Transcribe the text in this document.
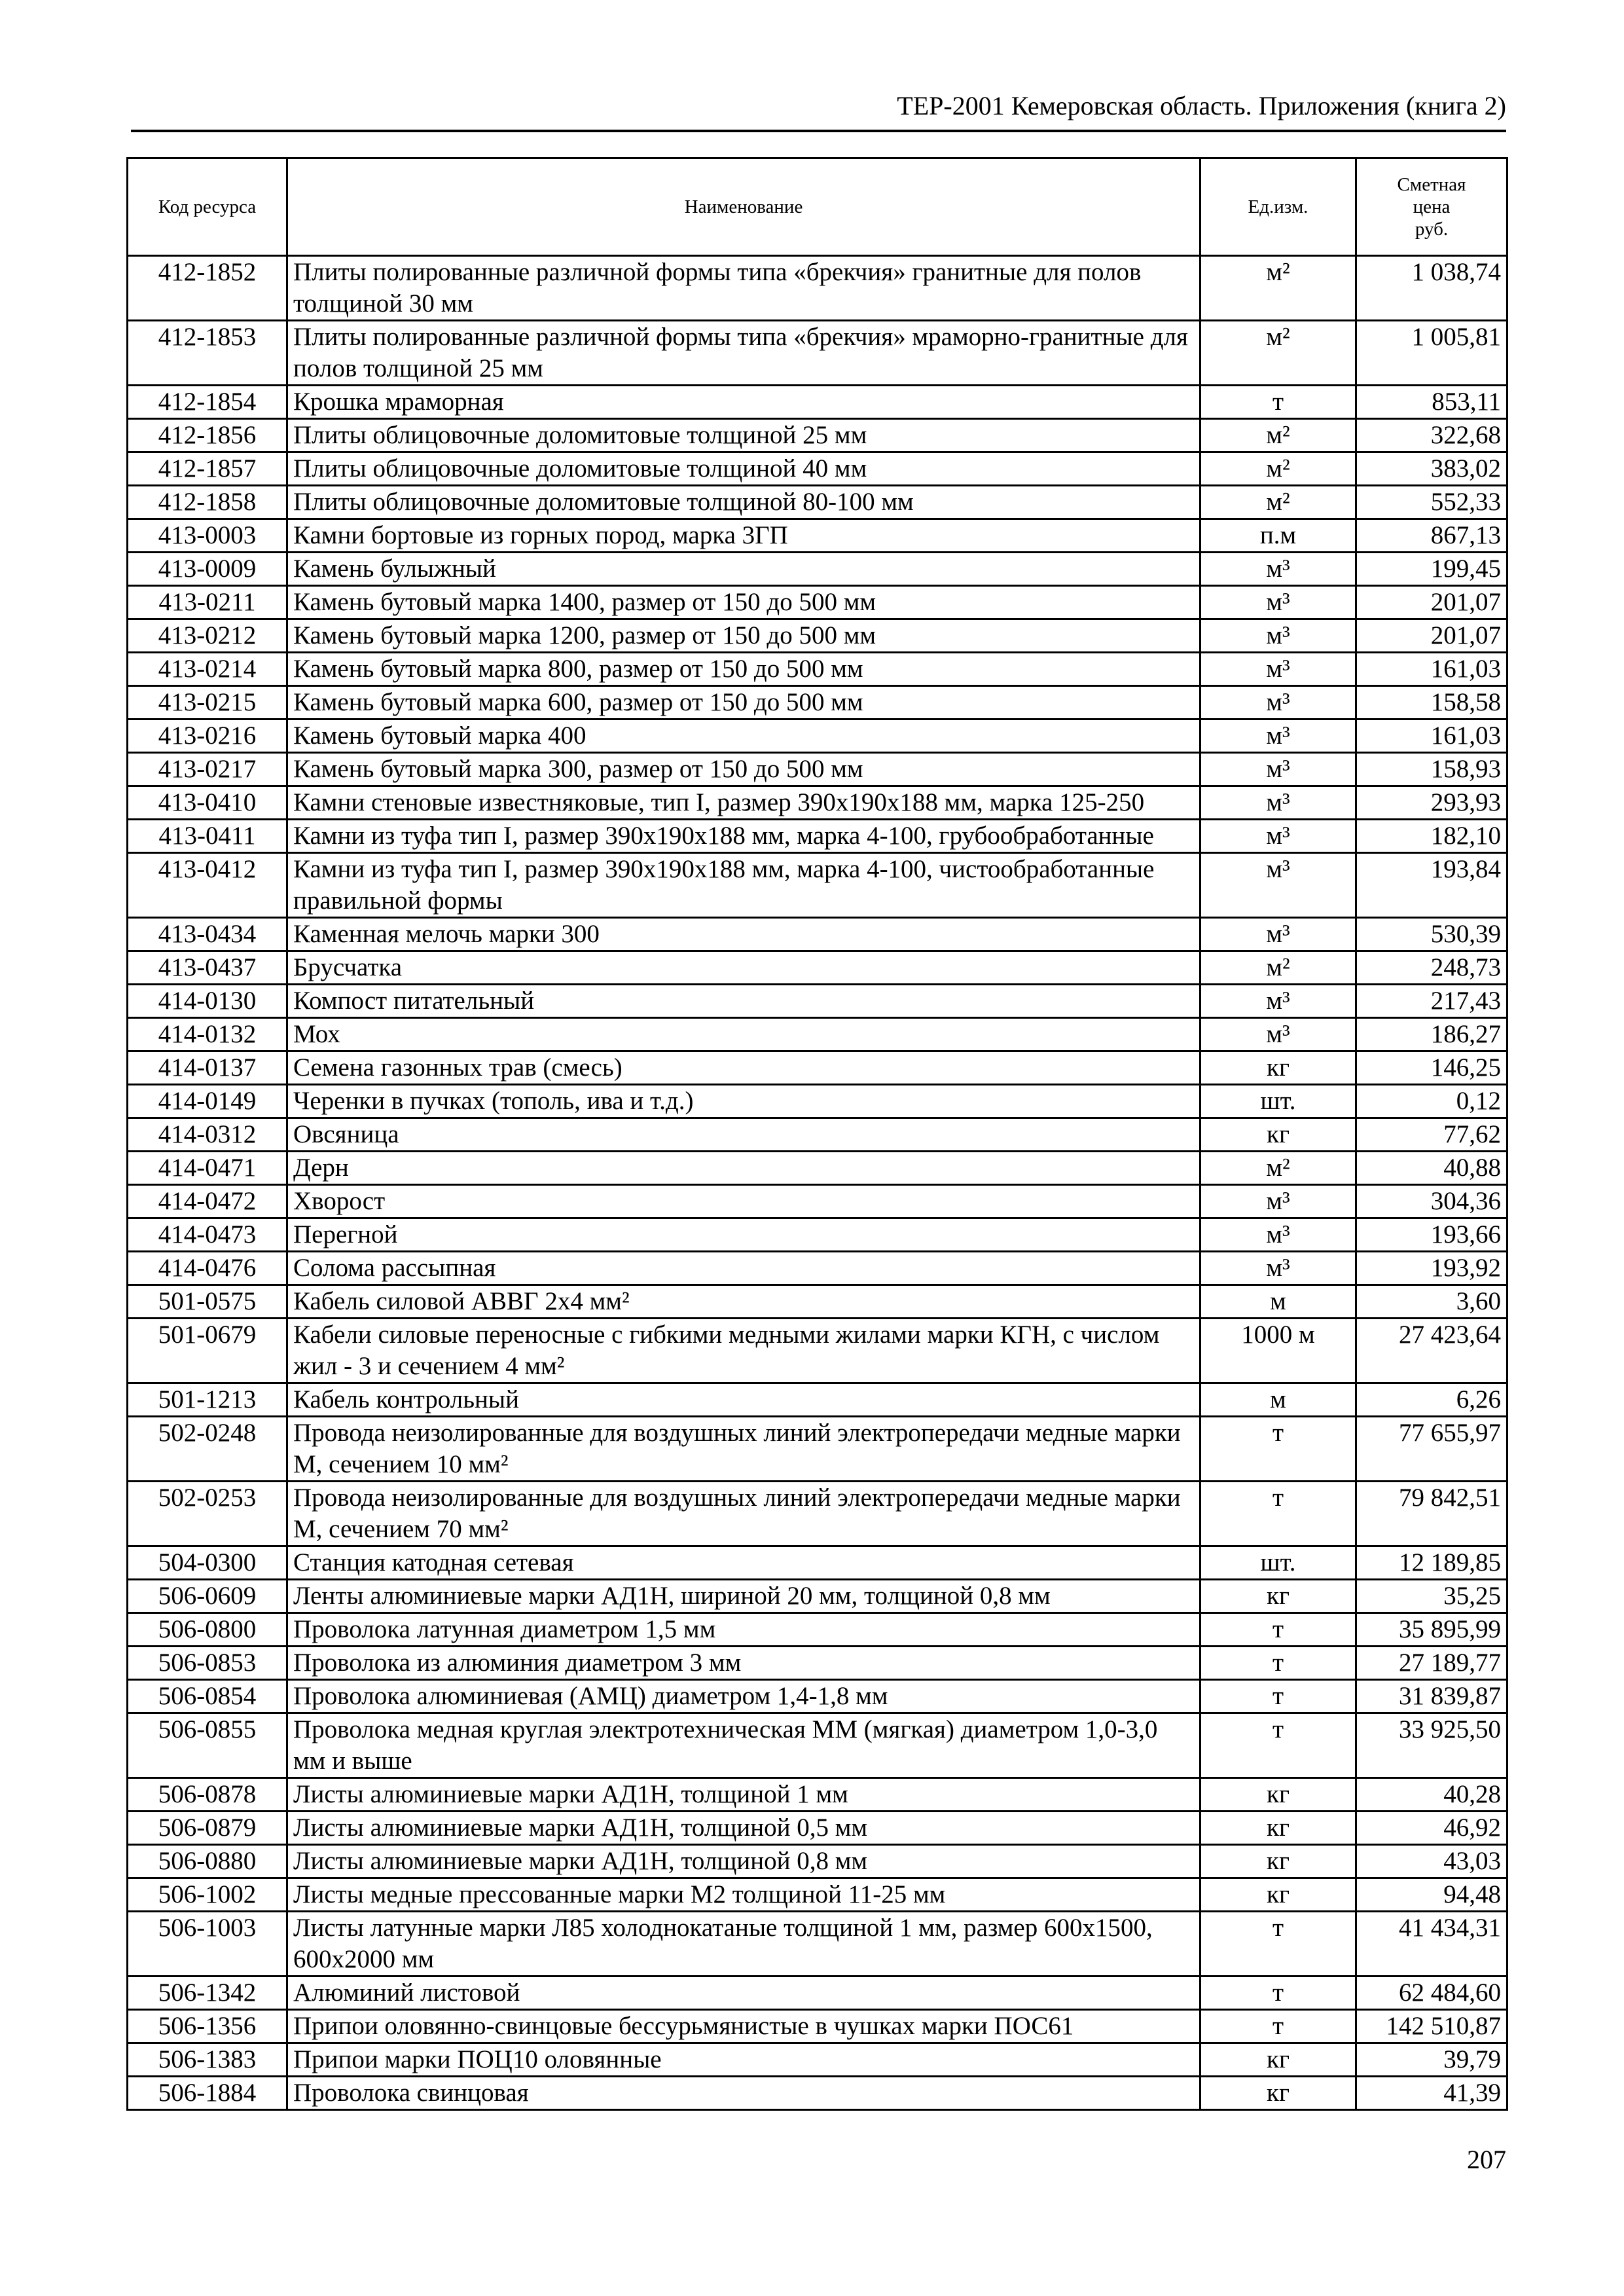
ТЕР-2001 Кемеровская область. Приложения (книга 2)
Код ресурса	Наименование	Ед.изм.	Сметная
цена
руб.
412-1852	Плиты полированные различной формы типа «брекчия» гранитные для полов толщиной 30 мм	м²	1 038,74
412-1853	Плиты полированные различной формы типа «брекчия» мраморно-гранитные для полов толщиной 25 мм	м²	1 005,81
412-1854	Крошка мраморная	т	853,11
412-1856	Плиты облицовочные доломитовые толщиной 25 мм	м²	322,68
412-1857	Плиты облицовочные доломитовые толщиной 40 мм	м²	383,02
412-1858	Плиты облицовочные доломитовые толщиной 80-100 мм	м²	552,33
413-0003	Камни бортовые из горных пород, марка 3ГП	п.м	867,13
413-0009	Камень булыжный	м³	199,45
413-0211	Камень бутовый марка 1400, размер от 150 до 500 мм	м³	201,07
413-0212	Камень бутовый марка 1200, размер от 150 до 500 мм	м³	201,07
413-0214	Камень бутовый марка 800, размер от 150 до 500 мм	м³	161,03
413-0215	Камень бутовый марка 600, размер от 150 до 500 мм	м³	158,58
413-0216	Камень бутовый марка 400	м³	161,03
413-0217	Камень бутовый марка 300, размер от 150 до 500 мм	м³	158,93
413-0410	Камни стеновые известняковые, тип I, размер 390х190х188 мм, марка 125-250	м³	293,93
413-0411	Камни из туфа тип I, размер 390х190х188 мм, марка 4-100, грубообработанные	м³	182,10
413-0412	Камни из туфа тип I, размер 390х190х188 мм, марка 4-100, чистообработанные правильной формы	м³	193,84
413-0434	Каменная мелочь марки 300	м³	530,39
413-0437	Брусчатка	м²	248,73
414-0130	Компост питательный	м³	217,43
414-0132	Мох	м³	186,27
414-0137	Семена газонных трав (смесь)	кг	146,25
414-0149	Черенки в пучках (тополь, ива и т.д.)	шт.	0,12
414-0312	Овсяница	кг	77,62
414-0471	Дерн	м²	40,88
414-0472	Хворост	м³	304,36
414-0473	Перегной	м³	193,66
414-0476	Солома рассыпная	м³	193,92
501-0575	Кабель силовой АВВГ 2х4 мм²	м	3,60
501-0679	Кабели силовые переносные с гибкими медными жилами марки КГН, с числом жил - 3 и сечением 4 мм²	1000 м	27 423,64
501-1213	Кабель контрольный	м	6,26
502-0248	Провода неизолированные для воздушных линий электропередачи медные марки М, сечением 10 мм²	т	77 655,97
502-0253	Провода неизолированные для воздушных линий электропередачи медные марки М, сечением 70 мм²	т	79 842,51
504-0300	Станция катодная сетевая	шт.	12 189,85
506-0609	Ленты алюминиевые марки АД1Н, шириной 20 мм, толщиной 0,8 мм	кг	35,25
506-0800	Проволока латунная диаметром 1,5 мм	т	35 895,99
506-0853	Проволока из алюминия диаметром 3 мм	т	27 189,77
506-0854	Проволока алюминиевая (АМЦ) диаметром 1,4-1,8 мм	т	31 839,87
506-0855	Проволока медная круглая электротехническая ММ (мягкая) диаметром 1,0-3,0 мм и выше	т	33 925,50
506-0878	Листы алюминиевые марки АД1Н, толщиной 1 мм	кг	40,28
506-0879	Листы алюминиевые марки АД1Н, толщиной 0,5 мм	кг	46,92
506-0880	Листы алюминиевые марки АД1Н, толщиной 0,8 мм	кг	43,03
506-1002	Листы медные прессованные марки М2 толщиной 11-25 мм	кг	94,48
506-1003	Листы латунные марки Л85 холоднокатаные толщиной 1 мм, размер 600х1500, 600х2000 мм	т	41 434,31
506-1342	Алюминий листовой	т	62 484,60
506-1356	Припои оловянно-свинцовые бессурьмянистые в чушках марки ПОС61	т	142 510,87
506-1383	Припои марки ПОЦ10 оловянные	кг	39,79
506-1884	Проволока свинцовая	кг	41,39
207
